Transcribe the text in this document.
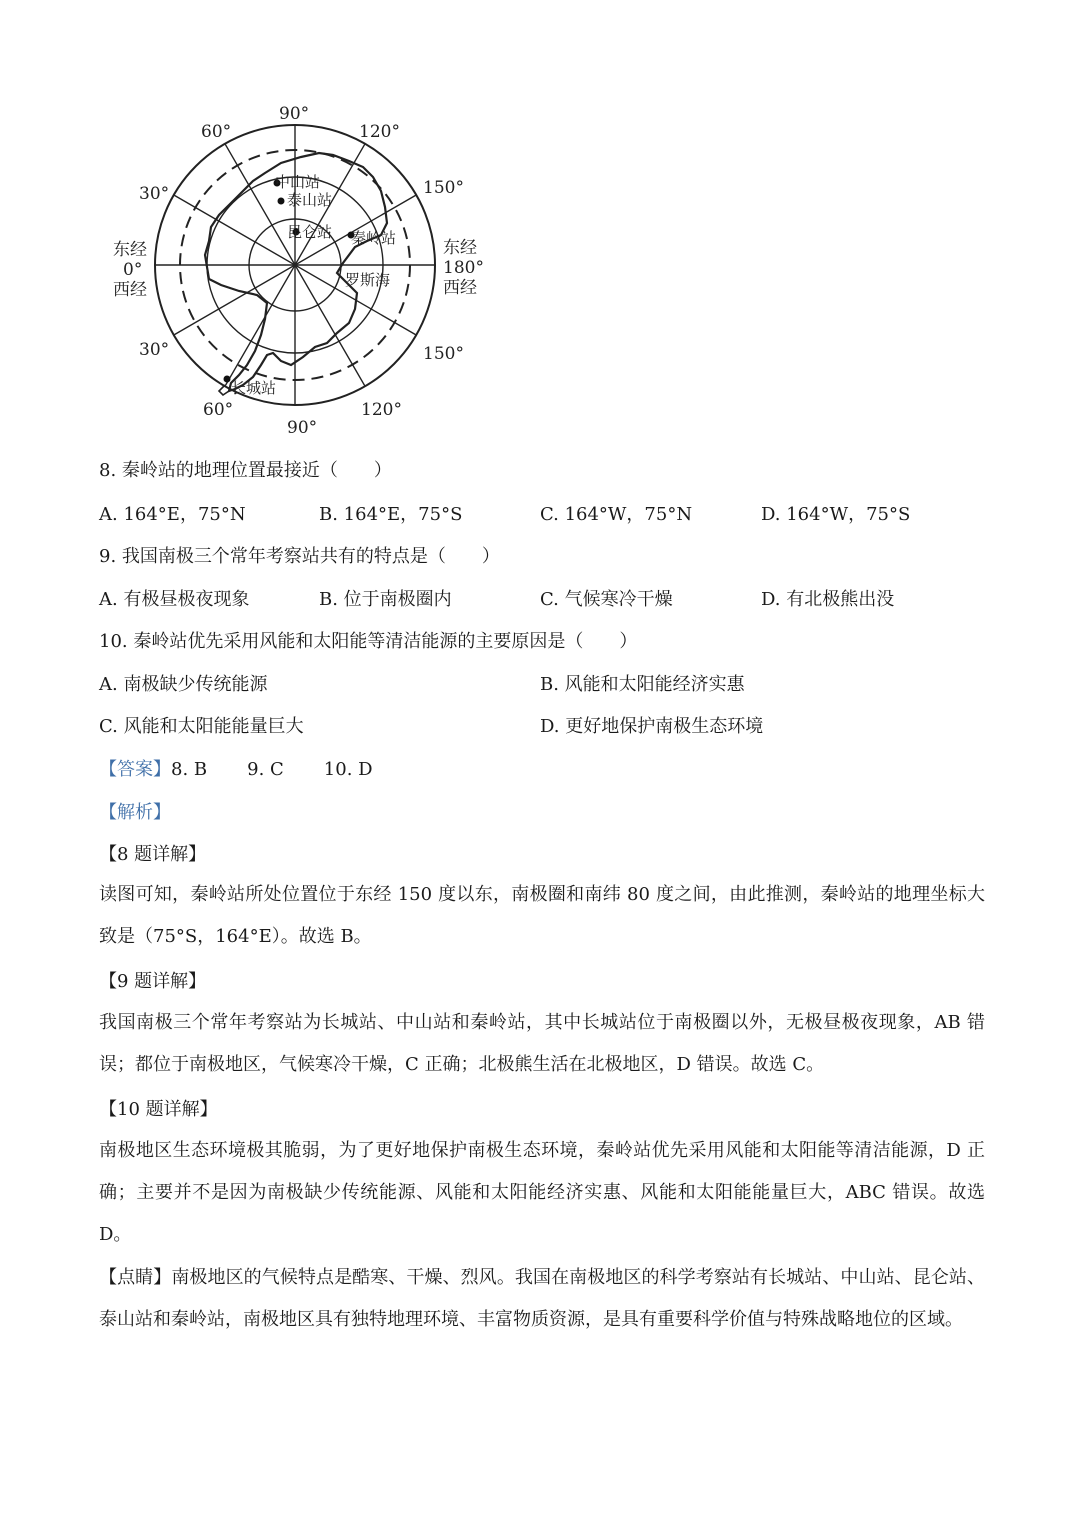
60°
90°
120°
30°	150°
东经
0°
西经
东经
180°
西经
30°	150°
60°
90°
120°
中山站
泰山站
昆仑站 秦岭站
罗斯海
长城站
8. 秦岭站的地理位置最接近（　　）
A. 164°E，75°N	B. 164°E，75°S	C. 164°W，75°N	D. 164°W，75°S
9. 我国南极三个常年考察站共有的特点是（　　）
A. 有极昼极夜现象	B. 位于南极圈内	C. 气候寒冷干燥	D. 有北极熊出没
10. 秦岭站优先采用风能和太阳能等清洁能源的主要原因是（　　）
A. 南极缺少传统能源	B. 风能和太阳能经济实惠
C. 风能和太阳能能量巨大	D. 更好地保护南极生态环境
【答案】8. B 9. C 10. D
【解析】
【8 题详解】
读图可知，秦岭站所处位置位于东经 150 度以东，南极圈和南纬 80 度之间，由此推测，秦岭站的地理坐标大致是（75°S，164°E）。故选 B。
【9 题详解】
我国南极三个常年考察站为长城站、中山站和秦岭站，其中长城站位于南极圈以外，无极昼极夜现象，AB 错误；都位于南极地区，气候寒冷干燥，C 正确；北极熊生活在北极地区，D 错误。故选 C。
【10 题详解】
南极地区生态环境极其脆弱，为了更好地保护南极生态环境，秦岭站优先采用风能和太阳能等清洁能源，D 正确；主要并不是因为南极缺少传统能源、风能和太阳能经济实惠、风能和太阳能能量巨大，ABC 错误。故选 D。
【点睛】南极地区的气候特点是酷寒、干燥、烈风。我国在南极地区的科学考察站有长城站、中山站、昆仑站、泰山站和秦岭站，南极地区具有独特地理环境、丰富物质资源，是具有重要科学价值与特殊战略地位的区域。
